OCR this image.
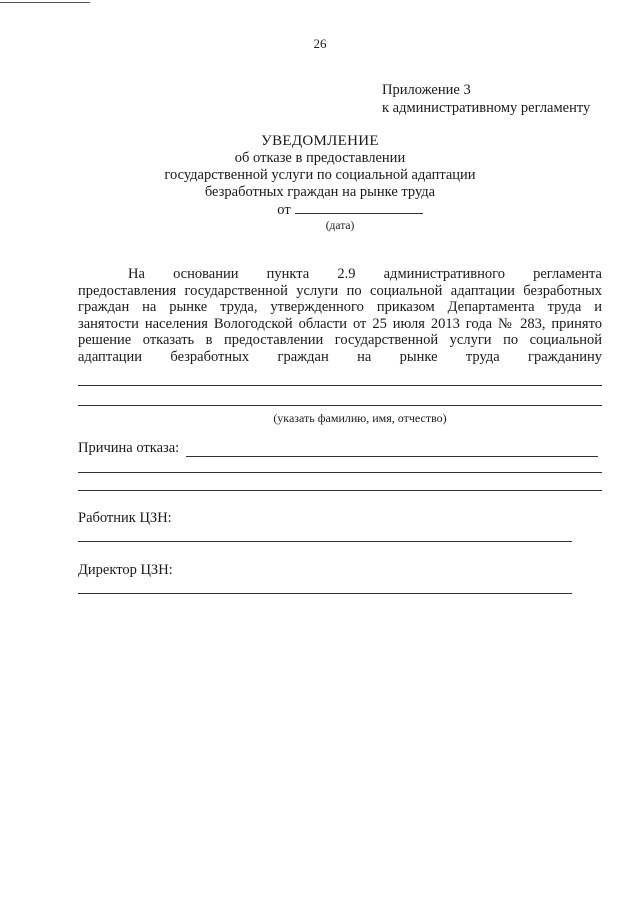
26
Приложение 3
к административному регламенту
УВЕДОМЛЕНИЕ
об отказе в предоставлении
государственной услуги по социальной адаптации
безработных граждан на рынке труда
от
(дата)
На основании пункта 2.9 административного регламента
предоставления государственной услуги по социальной адаптации безработных
граждан на рынке труда, утвержденного приказом Департамента труда и
занятости населения Вологодской области от 25 июля 2013 года № 283, принято
решение отказать в предоставлении государственной услуги по социальной
адаптации безработных граждан на рынке труда гражданину
(указать фамилию, имя, отчество)
Причина отказа:
Работник ЦЗН:
Директор ЦЗН:
